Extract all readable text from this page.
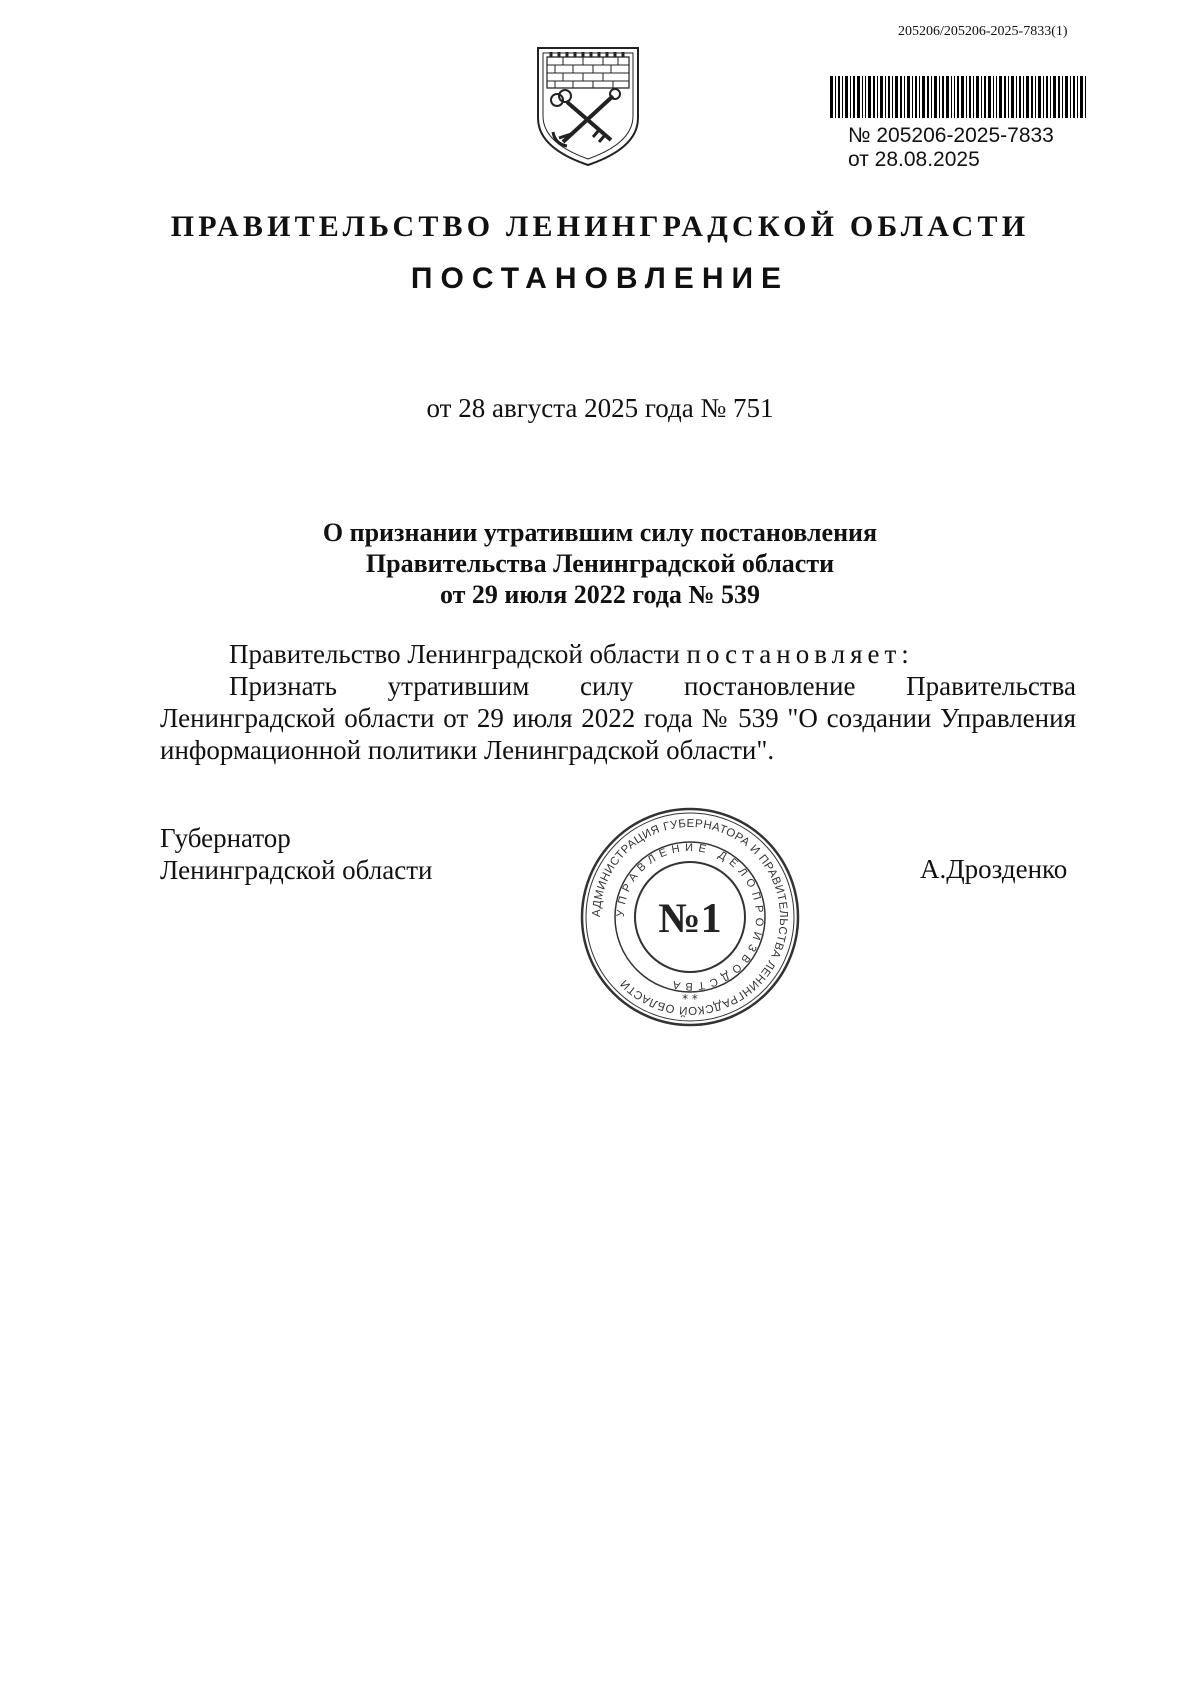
205206/205206-2025-7833(1)
№ 205206-2025-7833
от 28.08.2025
ПРАВИТЕЛЬСТВО ЛЕНИНГРАДСКОЙ ОБЛАСТИ
ПОСТАНОВЛЕНИЕ
от 28 августа 2025 года № 751
О признании утратившим силу постановления
Правительства Ленинградской области
от 29 июля 2022 года № 539
Правительство Ленинградской области постановляет:
Признать утратившим силу постановление Правительства Ленинградской области от 29 июля 2022 года № 539 "О создании Управления информационной политики Ленинградской области".
Губернатор
Ленинградской области	А.Дрозденко
АДМИНИСТРАЦИЯ ГУБЕРНАТОРА И ПРАВИТЕЛЬСТВА ЛЕНИНГРАДСКОЙ ОБЛАСТИ
УПРАВЛЕНИЕ ДЕЛОПРОИЗВОДСТВА
№1
* *
